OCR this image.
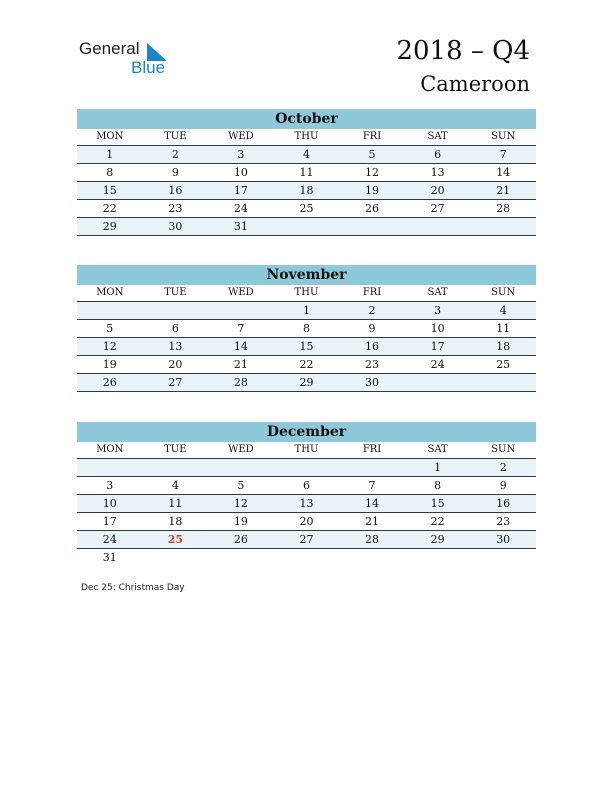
General
Blue
2018 – Q4
Cameroon
October
MON	TUE	WED	THU	FRI	SAT	SUN
1	2	3	4	5	6	7
8	9	10	11	12	13	14
15	16	17	18	19	20	21
22	23	24	25	26	27	28
29	30	31				
November
MON	TUE	WED	THU	FRI	SAT	SUN
			1	2	3	4
5	6	7	8	9	10	11
12	13	14	15	16	17	18
19	20	21	22	23	24	25
26	27	28	29	30		
December
MON	TUE	WED	THU	FRI	SAT	SUN
					1	2
3	4	5	6	7	8	9
10	11	12	13	14	15	16
17	18	19	20	21	22	23
24	25	26	27	28	29	30
31						
Dec 25: Christmas Day
